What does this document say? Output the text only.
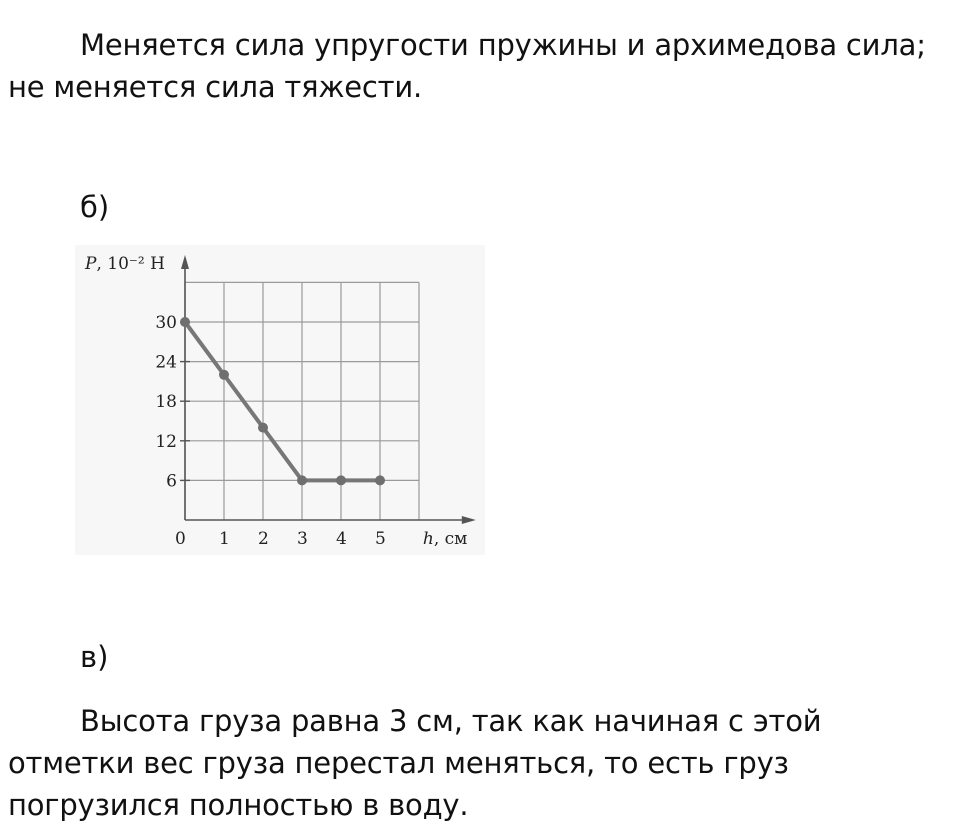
Меняется сила упругости пружины и архимедова сила; не меняется сила тяжести.

б)

0 1 2 3 4 5
6
12
18
24
30
h, см
P, 10⁻² Н

в)

Высота груза равна 3 см, так как начиная с этой отметки вес груза перестал меняться, то есть груз погрузился полностью в воду.
